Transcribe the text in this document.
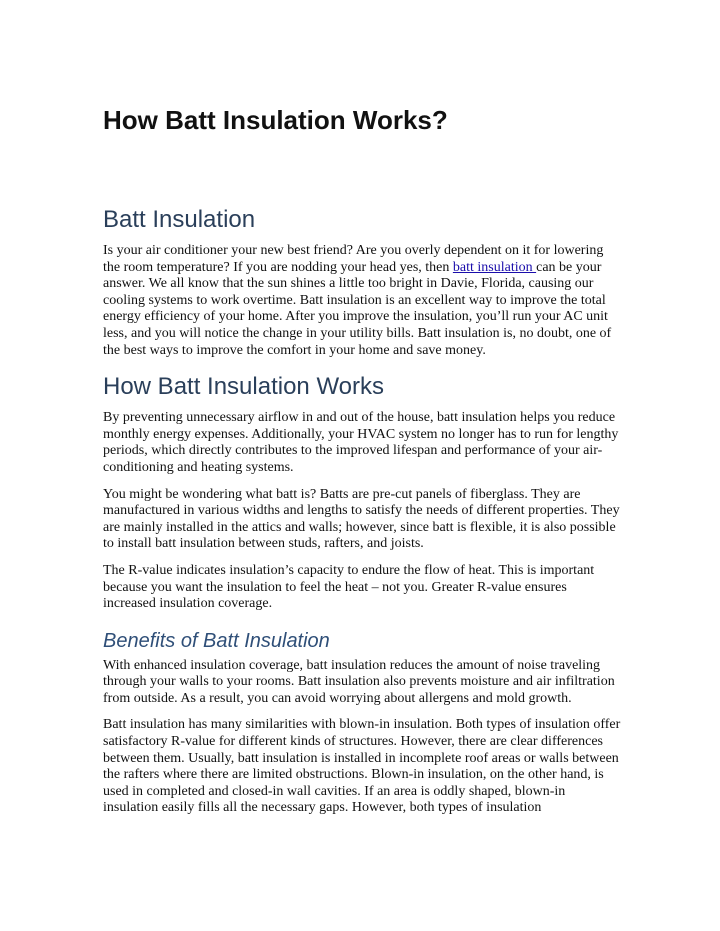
How Batt Insulation Works?
Batt Insulation

Is your air conditioner your new best friend? Are you overly dependent on it for lowering the room temperature? If you are nodding your head yes, then batt insulation can be your answer. We all know that the sun shines a little too bright in Davie, Florida, causing our cooling systems to work overtime. Batt insulation is an excellent way to improve the total energy efficiency of your home. After you improve the insulation, you’ll run your AC unit less, and you will notice the change in your utility bills. Batt insulation is, no doubt, one of the best ways to improve the comfort in your home and save money.

How Batt Insulation Works

By preventing unnecessary airflow in and out of the house, batt insulation helps you reduce monthly energy expenses. Additionally, your HVAC system no longer has to run for lengthy periods, which directly contributes to the improved lifespan and performance of your air-conditioning and heating systems.

You might be wondering what batt is? Batts are pre-cut panels of fiberglass. They are manufactured in various widths and lengths to satisfy the needs of different properties. They are mainly installed in the attics and walls; however, since batt is flexible, it is also possible to install batt insulation between studs, rafters, and joists.

The R-value indicates insulation’s capacity to endure the flow of heat. This is important because you want the insulation to feel the heat – not you. Greater R-value ensures increased insulation coverage.

Benefits of Batt Insulation

With enhanced insulation coverage, batt insulation reduces the amount of noise traveling through your walls to your rooms. Batt insulation also prevents moisture and air infiltration from outside. As a result, you can avoid worrying about allergens and mold growth.

Batt insulation has many similarities with blown-in insulation. Both types of insulation offer satisfactory R-value for different kinds of structures. However, there are clear differences between them. Usually, batt insulation is installed in incomplete roof areas or walls between the rafters where there are limited obstructions. Blown-in insulation, on the other hand, is used in completed and closed-in wall cavities. If an area is oddly shaped, blown-in insulation easily fills all the necessary gaps. However, both types of insulation
